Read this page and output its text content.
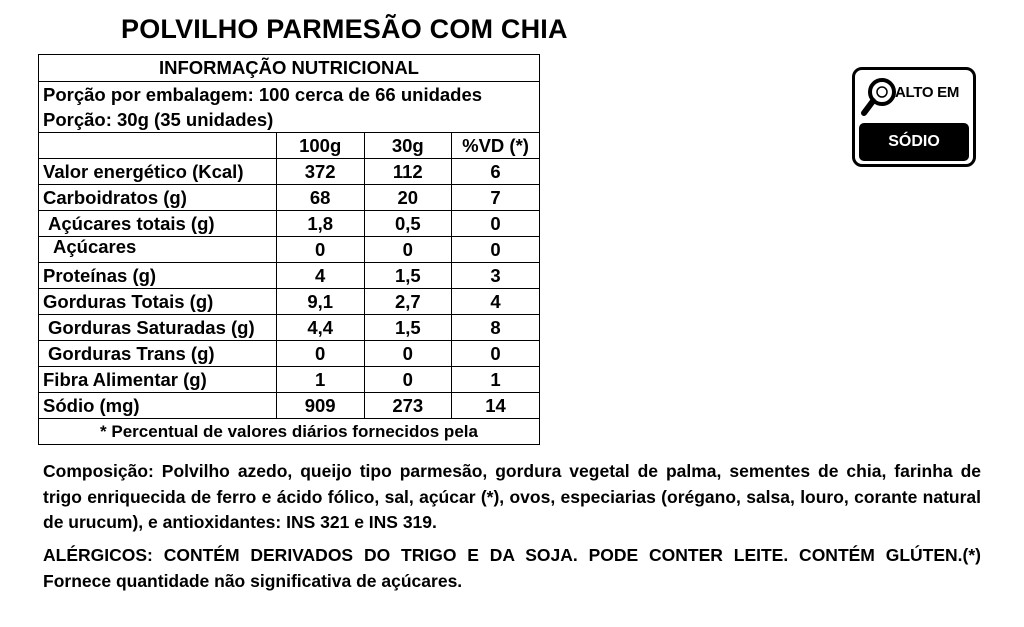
POLVILHO PARMESÃO COM CHIA
INFORMAÇÃO NUTRICIONAL			
Porção por embalagem: 100 cerca de 66 unidades			
Porção: 30g (35 unidades)			
	100g	30g	%VD (*)
Valor energético (Kcal)	372	112	6
Carboidratos (g)	68	20	7
Açúcares totais (g)	1,8	0,5	0
Açúcares	0	0	0
Proteínas (g)	4	1,5	3
Gorduras Totais (g)	9,1	2,7	4
Gorduras Saturadas (g)	4,4	1,5	8
Gorduras Trans (g)	0	0	0
Fibra Alimentar (g)	1	0	1
Sódio (mg)	909	273	14
* Percentual de valores diários fornecidos pela			
ALTO EM
SÓDIO
Composição: Polvilho azedo, queijo tipo parmesão, gordura vegetal de palma, sementes de chia, farinha de trigo enriquecida de ferro e ácido fólico, sal, açúcar (*), ovos, especiarias (orégano, salsa, louro, corante natural de urucum), e antioxidantes: INS 321 e INS 319.
ALÉRGICOS: CONTÉM DERIVADOS DO TRIGO E DA SOJA. PODE CONTER LEITE. CONTÉM GLÚTEN.(*) Fornece quantidade não significativa de açúcares.
